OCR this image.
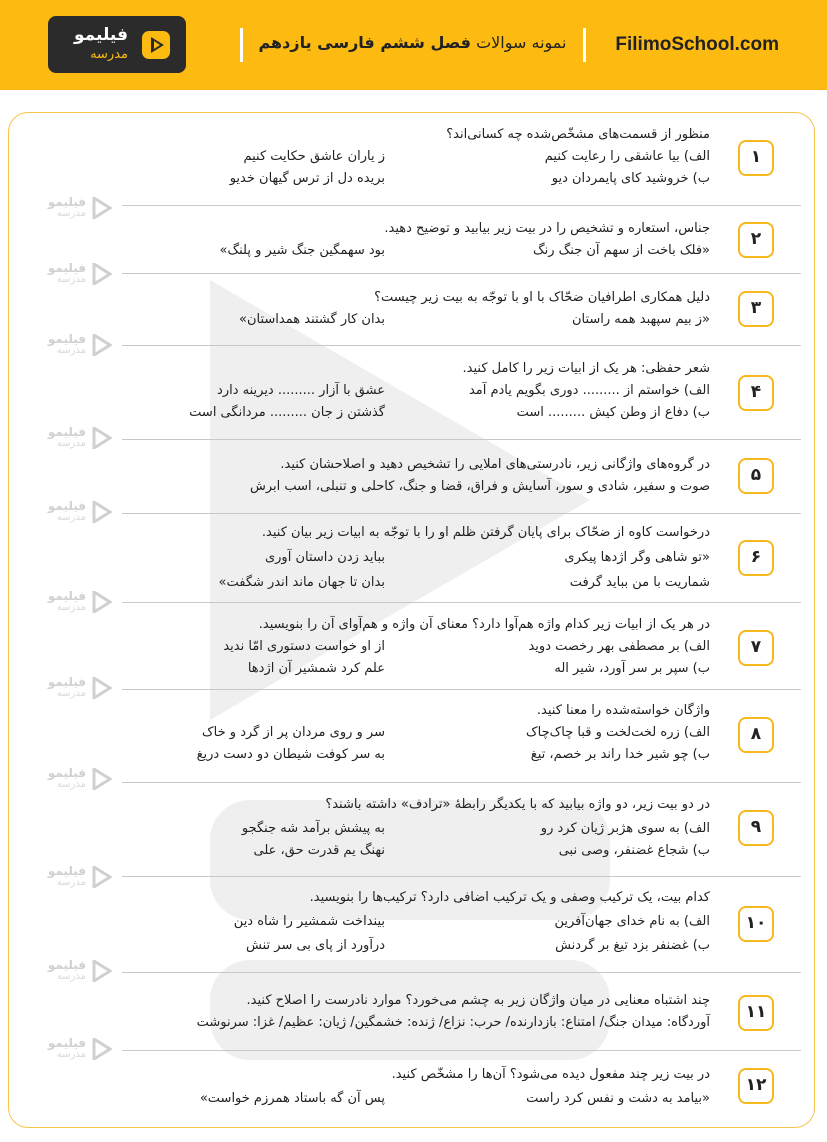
FilimoSchool.com
نمونه سوالات فصل ششم فارسی یازدهم
فیلیمو
مدرسه
فیلیمو
مدرسه
فیلیمو
مدرسه
فیلیمو
مدرسه
فیلیمو
مدرسه
فیلیمو
مدرسه
فیلیمو
مدرسه
فیلیمو
مدرسه
فیلیمو
مدرسه
فیلیمو
مدرسه
فیلیمو
مدرسه
فیلیمو
مدرسه
۱
منظور از قسمت‌های مشخّص‌شده چه کسانی‌اند؟
الف) بیا عاشقی را رعایت کنیم
ز یاران عاشق حکایت کنیم
ب) خروشید کای پایمردان دیو
بریده دل از ترس گیهان خدیو
۲
جناس، استعاره و تشخیص را در بیت زیر بیابید و توضیح دهید.
«فلک باخت از سهم آن جنگ رنگ
بود سهمگین جنگ شیر و پلنگ»
۳
دلیل همکاری اطرافیان ضحّاک با او با توجّه به بیت زیر چیست؟
«ز بیم سپهبد همه راستان
بدان کار گشتند همداستان»
۴
شعر حفظی: هر یک از ابیات زیر را کامل کنید.
الف) خواستم از ......... دوری بگویم یادم آمد
عشق با آزار ......... دیرینه دارد
ب) دفاع از وطن کیش ......... است
گذشتن ز جان ......... مردانگی است
۵
در گروه‌های واژگانی زیر، نادرستی‌های املایی را تشخیص دهید و اصلاحشان کنید.
صوت و سفیر، شادی و سور، آسایش و فراق، قضا و جنگ، کاحلی و تنبلی، اسب ابرش
۶
درخواست کاوه از ضحّاک برای پایان گرفتن ظلم او را با توجّه به ابیات زیر بیان کنید.
«تو شاهی وگر اژدها پیکری
بباید زدن داستان آوری
شماریت با من بباید گرفت
بدان تا جهان ماند اندر شگفت»
۷
در هر یک از ابیات زیر کدام واژه هم‌آوا دارد؟ معنای آن واژه و هم‌آوای آن را بنویسید.
الف) بر مصطفی بهر رخصت دوید
از او خواست دستوری امّا ندید
ب) سپر بر سر آورد، شیر اله
علم کرد شمشیر آن اژدها
۸
واژگان خواسته‌شده را معنا کنید.
الف) زره لخت‌لخت و قبا چاک‌چاک
سر و روی مردان پر از گرد و خاک
ب) چو شیر خدا راند بر خصم، تیغ
به سر کوفت شیطان دو دست دریغ
۹
در دو بیت زیر، دو واژه بیابید که با یکدیگر رابطهٔ «ترادف» داشته باشند؟
الف) به سوی هژبر ژیان کرد رو
به پیشش برآمد شه جنگجو
ب) شجاع غضنفر، وصی نبی
نهنگ یم قدرت حق، علی
۱۰
کدام بیت، یک ترکیب وصفی و یک ترکیب اضافی دارد؟ ترکیب‌ها را بنویسید.
الف) به نام خدای جهان‌آفرین
بینداخت شمشیر را شاه دین
ب) غضنفر بزد تیغ بر گردنش
درآورد از پای بی سر تنش
۱۱
چند اشتباه معنایی در میان واژگان زیر به چشم می‌خورد؟ موارد نادرست را اصلاح کنید.
آوردگاه: میدان جنگ/ امتناع: بازدارنده/ حرب: نزاع/ ژنده: خشمگین/ ژیان: عظیم/ غزا: سرنوشت
۱۲
در بیت زیر چند مفعول دیده می‌شود؟ آن‌ها را مشخّص کنید.
«بیامد به دشت و نفس کرد راست
پس آن گه باستاد همرزم خواست»
